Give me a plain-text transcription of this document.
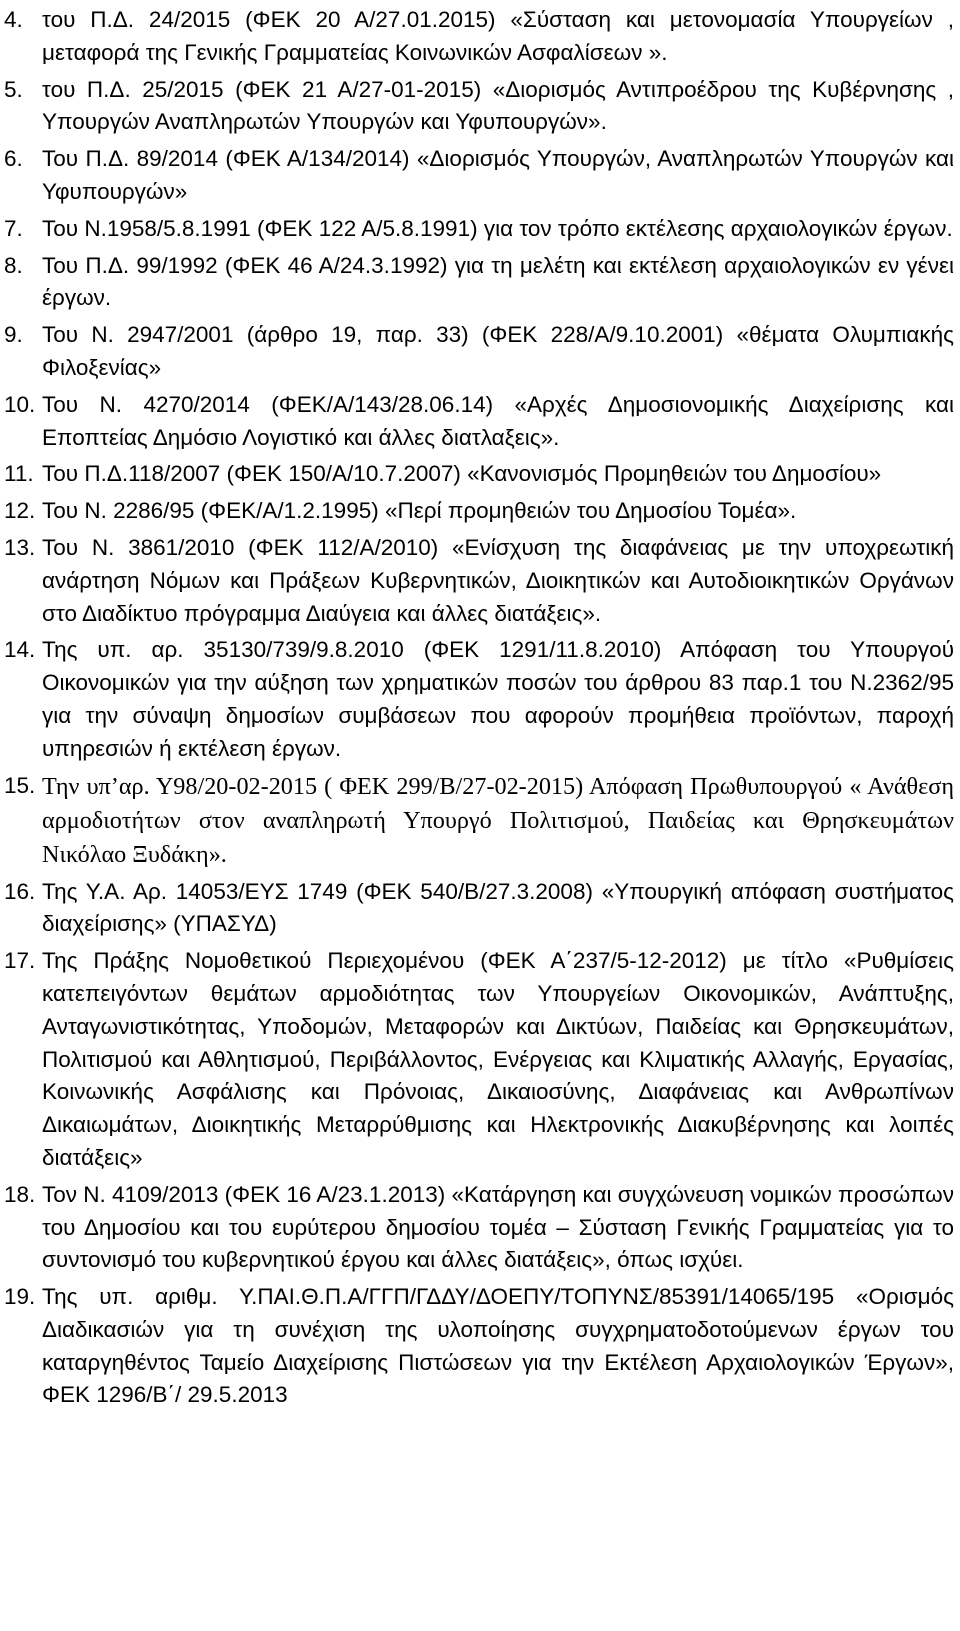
4. του Π.Δ. 24/2015 (ΦΕΚ 20 Α/27.01.2015) «Σύσταση και μετονομασία Υπουργείων , μεταφορά της Γενικής Γραμματείας Κοινωνικών Ασφαλίσεων ».
5. του Π.Δ. 25/2015 (ΦΕΚ 21 Α/27-01-2015) «Διορισμός Αντιπροέδρου της Κυβέρνησης , Υπουργών Αναπληρωτών Υπουργών και Υφυπουργών».
6. Του Π.Δ. 89/2014 (ΦΕΚ Α/134/2014) «Διορισμός Υπουργών, Αναπληρωτών Υπουργών και Υφυπουργών»
7. Του Ν.1958/5.8.1991 (ΦΕΚ 122 Α/5.8.1991) για τον τρόπο εκτέλεσης αρχαιολογικών έργων.
8. Του Π.Δ. 99/1992 (ΦΕΚ 46 Α/24.3.1992) για τη μελέτη και εκτέλεση αρχαιολογικών εν γένει έργων.
9. Του Ν. 2947/2001 (άρθρο 19, παρ. 33) (ΦΕΚ 228/Α/9.10.2001) «θέματα Ολυμπιακής Φιλοξενίας»
10. Του Ν. 4270/2014 (ΦΕΚ/Α/143/28.06.14) «Αρχές Δημοσιονομικής Διαχείρισης και Εποπτείας Δημόσιο Λογιστικό και άλλες διατλαξεις».
11. Του Π.Δ.118/2007 (ΦΕΚ 150/Α/10.7.2007) «Κανονισμός Προμηθειών του Δημοσίου»
12. Του Ν. 2286/95 (ΦΕΚ/Α/1.2.1995) «Περί προμηθειών του Δημοσίου Τομέα».
13. Του Ν. 3861/2010 (ΦΕΚ 112/Α/2010) «Ενίσχυση της διαφάνειας με την υποχρεωτική ανάρτηση Νόμων και Πράξεων Κυβερνητικών, Διοικητικών και Αυτοδιοικητικών Οργάνων στο Διαδίκτυο πρόγραμμα Διαύγεια και άλλες διατάξεις».
14. Της υπ. αρ. 35130/739/9.8.2010 (ΦΕΚ 1291/11.8.2010) Απόφαση του Υπουργού Οικονομικών για την αύξηση των χρηματικών ποσών του άρθρου 83 παρ.1 του Ν.2362/95 για την σύναψη δημοσίων συμβάσεων που αφορούν προμήθεια προϊόντων, παροχή υπηρεσιών ή εκτέλεση έργων.
15. Την υπ’αρ. Υ98/20-02-2015 ( ΦΕΚ 299/Β/27-02-2015) Απόφαση Πρωθυπουργού « Ανάθεση αρμοδιοτήτων στον αναπληρωτή Υπουργό Πολιτισμού, Παιδείας και Θρησκευμάτων Νικόλαο Ξυδάκη».
16. Της Υ.Α. Αρ. 14053/ΕΥΣ 1749 (ΦΕΚ 540/Β/27.3.2008) «Υπουργική απόφαση συστήματος διαχείρισης» (ΥΠΑΣΥΔ)
17. Της Πράξης Νομοθετικού Περιεχομένου (ΦΕΚ Α΄237/5-12-2012) με τίτλο «Ρυθμίσεις κατεπειγόντων θεμάτων αρμοδιότητας των Υπουργείων Οικονομικών, Ανάπτυξης, Ανταγωνιστικότητας, Υποδομών, Μεταφορών και Δικτύων, Παιδείας και Θρησκευμάτων, Πολιτισμού και Αθλητισμού, Περιβάλλοντος, Ενέργειας και Κλιματικής Αλλαγής, Εργασίας, Κοινωνικής Ασφάλισης και Πρόνοιας, Δικαιοσύνης, Διαφάνειας και Ανθρωπίνων Δικαιωμάτων, Διοικητικής Μεταρρύθμισης και Ηλεκτρονικής Διακυβέρνησης και λοιπές διατάξεις»
18. Τον Ν. 4109/2013 (ΦΕΚ 16 Α/23.1.2013) «Κατάργηση και συγχώνευση νομικών προσώπων του Δημοσίου και του ευρύτερου δημοσίου τομέα – Σύσταση Γενικής Γραμματείας για το συντονισμό του κυβερνητικού έργου και άλλες διατάξεις», όπως ισχύει.
19. Της υπ. αριθμ. Υ.ΠΑΙ.Θ.Π.Α/ΓΓΠ/ΓΔΔΥ/ΔΟΕΠΥ/ΤΟΠΥΝΣ/85391/14065/195 «Ορισμός Διαδικασιών για τη συνέχιση της υλοποίησης συγχρηματοδοτούμενων έργων του καταργηθέντος Ταμείο Διαχείρισης Πιστώσεων για την Εκτέλεση Αρχαιολογικών Έργων», ΦΕΚ 1296/Β΄/ 29.5.2013
